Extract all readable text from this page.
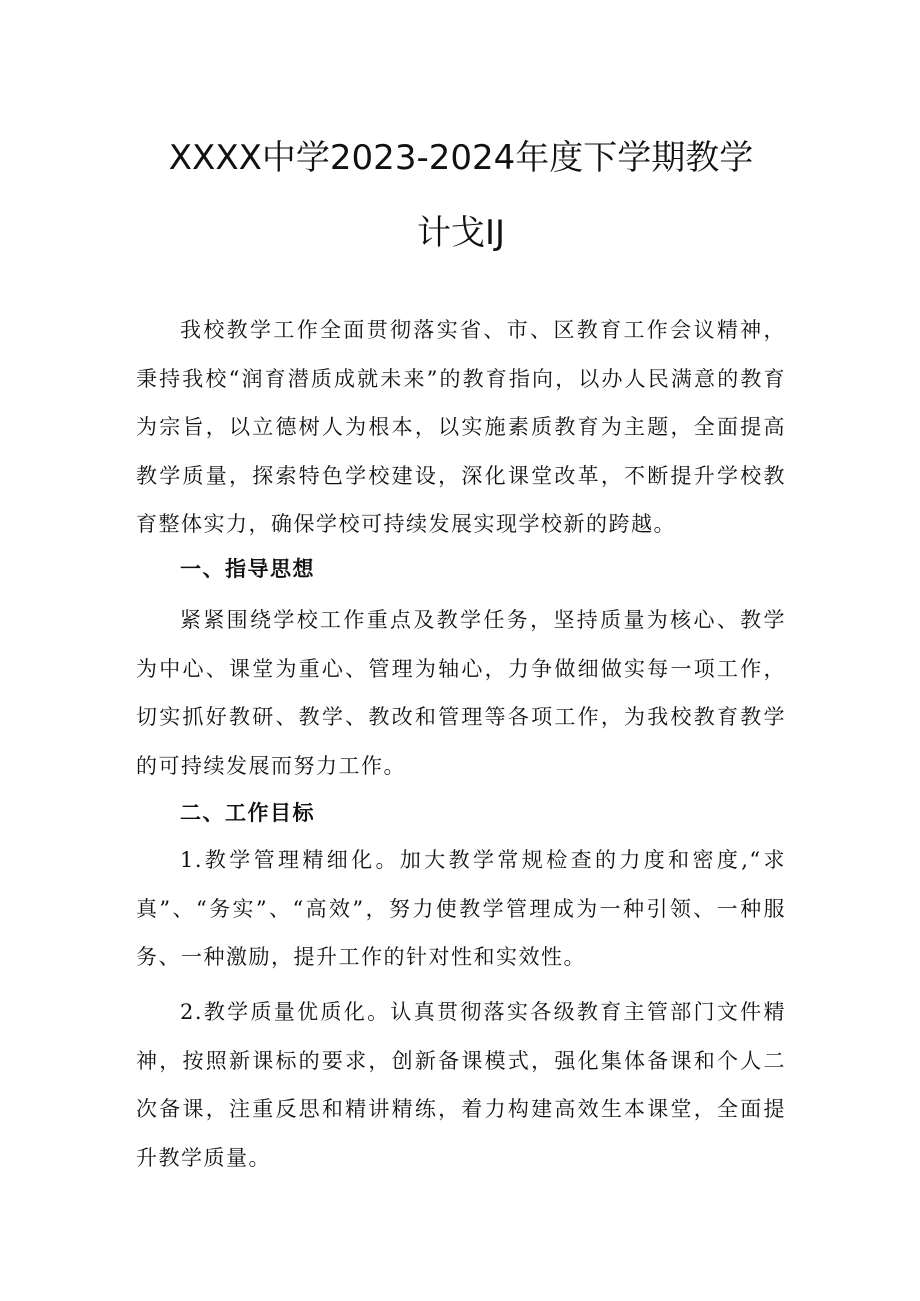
XXXX中学2023-2024年度下学期教学
计戈IJ

我校教学工作全面贯彻落实省、市、区教育工作会议精神，秉持我校“润育潜质成就未来”的教育指向，以办人民满意的教育为宗旨，以立德树人为根本，以实施素质教育为主题，全面提高教学质量，探索特色学校建设，深化课堂改革，不断提升学校教育整体实力，确保学校可持续发展实现学校新的跨越。

一、指导思想

紧紧围绕学校工作重点及教学任务，坚持质量为核心、教学为中心、课堂为重心、管理为轴心，力争做细做实每一项工作，切实抓好教研、教学、教改和管理等各项工作，为我校教育教学的可持续发展而努力工作。

二、工作目标

1.教学管理精细化。加大教学常规检查的力度和密度,“求真”、“务实”、“高效”，努力使教学管理成为一种引领、一种服务、一种激励，提升工作的针对性和实效性。

2.教学质量优质化。认真贯彻落实各级教育主管部门文件精神，按照新课标的要求，创新备课模式，强化集体备课和个人二次备课，注重反思和精讲精练，着力构建高效生本课堂，全面提升教学质量。
